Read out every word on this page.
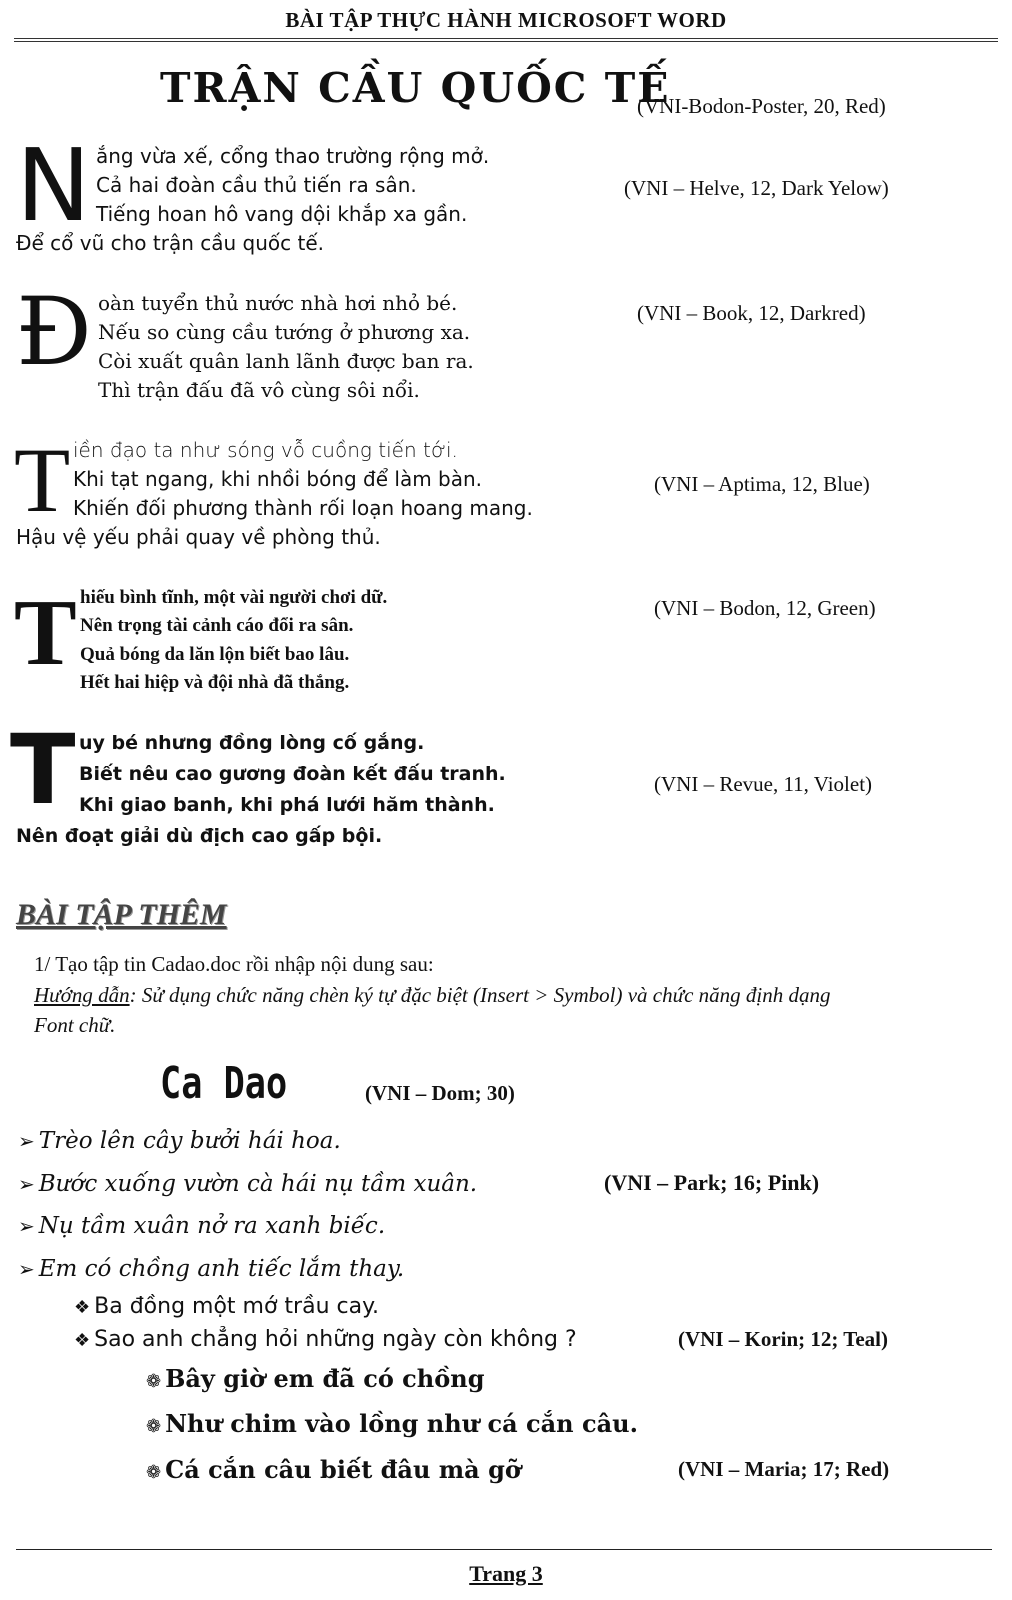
BÀI TẬP THỰC HÀNH MICROSOFT WORD
TRẬN CẦU QUỐC TẾ
(VNI-Bodon-Poster, 20, Red)
N ắng vừa xế, cổng thao trường rộng mở.
Cả hai đoàn cầu thủ tiến ra sân.
Tiếng hoan hô vang dội khắp xa gần.
Để cổ vũ cho trận cầu quốc tế.
(VNI – Helve, 12, Dark Yelow)
Đ oàn tuyển thủ nước nhà hơi nhỏ bé.
Nếu so cùng cầu tướng ở phương xa.
Còi xuất quân lanh lãnh được ban ra.
Thì trận đấu đã vô cùng sôi nổi.
(VNI – Book, 12, Darkred)
T iền đạo ta như sóng vỗ cuồng tiến tới.
Khi tạt ngang, khi nhồi bóng để làm bàn.
Khiến đối phương thành rối loạn hoang mang.
Hậu vệ yếu phải quay về phòng thủ.
(VNI – Aptima, 12, Blue)
T hiếu bình tĩnh, một vài người chơi dữ.
Nên trọng tài cảnh cáo đổi ra sân.
Quả bóng da lăn lộn biết bao lâu.
Hết hai hiệp và đội nhà đã thắng.
(VNI – Bodon, 12, Green)
T uy bé nhưng đồng lòng cố gắng.
Biết nêu cao gương đoàn kết đấu tranh.
Khi giao banh, khi phá lưới hăm thành.
Nên đoạt giải dù địch cao gấp bội.
(VNI – Revue, 11, Violet)
BÀI TẬP THÊM
1/ Tạo tập tin Cadao.doc rồi nhập nội dung sau:
Hướng dẫn: Sử dụng chức năng chèn ký tự đặc biệt (Insert > Symbol) và chức năng định dạng
Font chữ.
Ca Dao	(VNI – Dom; 30)
➢ Trèo lên cây bưởi hái hoa.
➢ Bước xuống vườn cà hái nụ tầm xuân.
➢ Nụ tầm xuân nở ra xanh biếc.
➢ Em có chồng anh tiếc lắm thay.
(VNI – Park; 16; Pink)
❖ Ba đồng một mớ trầu cay.
❖ Sao anh chẳng hỏi những ngày còn không ?	(VNI – Korin; 12; Teal)
❁ Bây giờ em đã có chồng
❁ Như chim vào lồng như cá cắn câu.
❁ Cá cắn câu biết đâu mà gỡ	(VNI – Maria; 17; Red)
Trang 3
